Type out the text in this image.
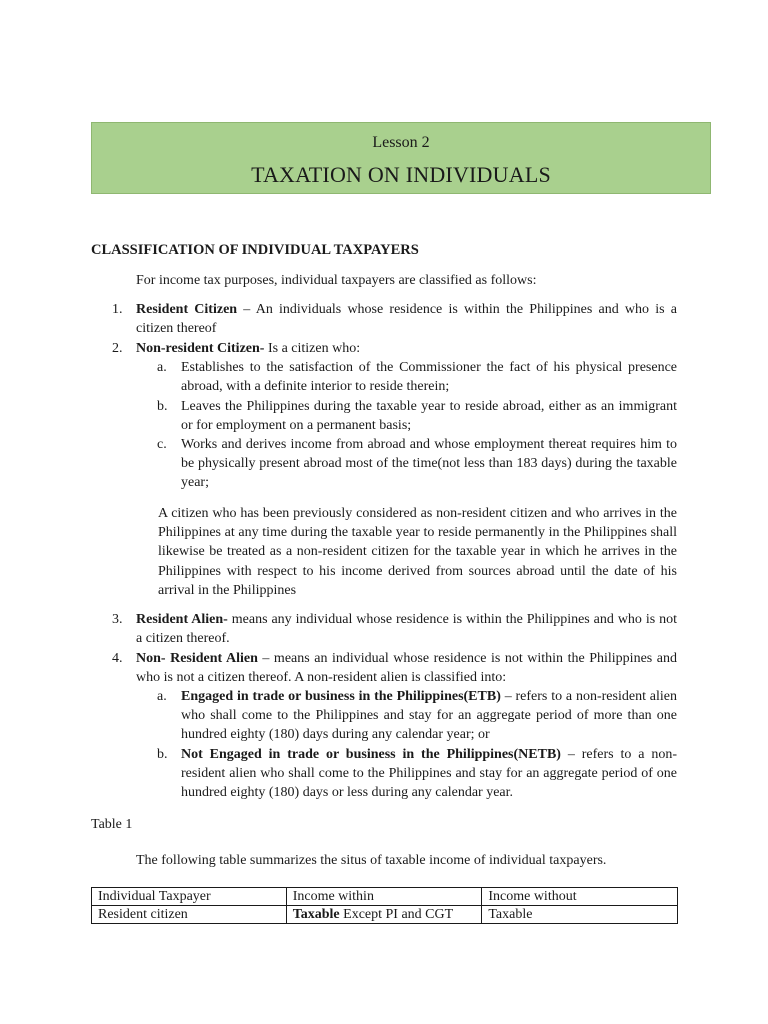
Lesson 2
TAXATION ON INDIVIDUALS
CLASSIFICATION OF INDIVIDUAL TAXPAYERS
For income tax purposes, individual taxpayers are classified as follows:
1. Resident Citizen – An individuals whose residence is within the Philippines and who is a citizen thereof
2. Non-resident Citizen- Is a citizen who:
a. Establishes to the satisfaction of the Commissioner the fact of his physical presence abroad, with a definite interior to reside therein;
b. Leaves the Philippines during the taxable year to reside abroad, either as an immigrant or for employment on a permanent basis;
c. Works and derives income from abroad and whose employment thereat requires him to be physically present abroad most of the time(not less than 183 days) during the taxable year;
A citizen who has been previously considered as non-resident citizen and who arrives in the Philippines at any time during the taxable year to reside permanently in the Philippines shall likewise be treated as a non-resident citizen for the taxable year in which he arrives in the Philippines with respect to his income derived from sources abroad until the date of his arrival in the Philippines
3. Resident Alien- means any individual whose residence is within the Philippines and who is not a citizen thereof.
4. Non- Resident Alien – means an individual whose residence is not within the Philippines and who is not a citizen thereof. A non-resident alien is classified into:
a. Engaged in trade or business in the Philippines(ETB) – refers to a non-resident alien who shall come to the Philippines and stay for an aggregate period of more than one hundred eighty (180) days during any calendar year; or
b. Not Engaged in trade or business in the Philippines(NETB) – refers to a non-resident alien who shall come to the Philippines and stay for an aggregate period of one hundred eighty (180) days or less during any calendar year.
Table 1
The following table summarizes the situs of taxable income of individual taxpayers.
Individual Taxpayer	Income within	Income without
Resident citizen	Taxable Except PI and CGT	Taxable
